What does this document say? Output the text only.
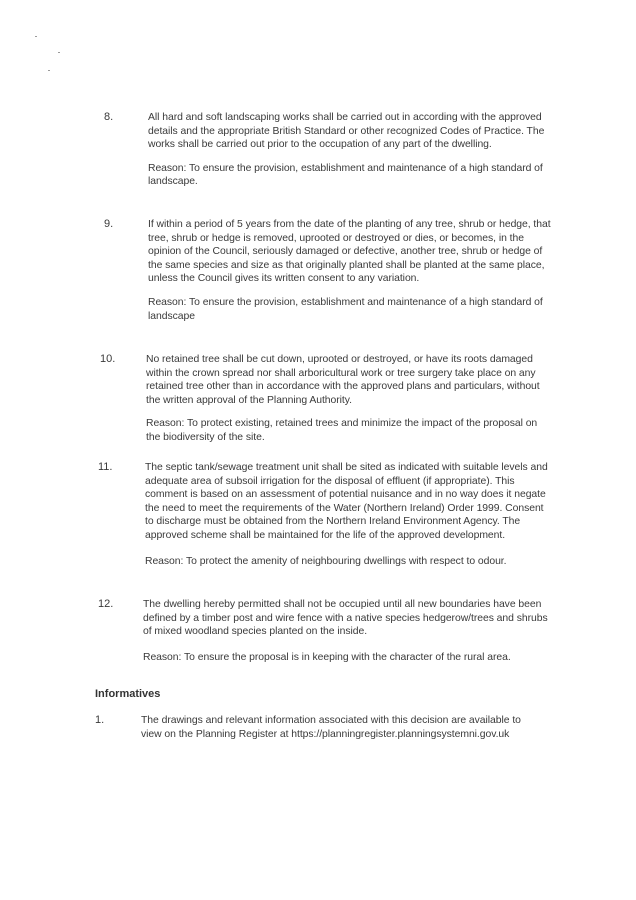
8.	All hard and soft landscaping works shall be carried out in according with the approved details and the appropriate British Standard or other recognized Codes of Practice. The works shall be carried out prior to the occupation of any part of the dwelling.

Reason: To ensure the provision, establishment and maintenance of a high standard of landscape.

9.	If within a period of 5 years from the date of the planting of any tree, shrub or hedge, that tree, shrub or hedge is removed, uprooted or destroyed or dies, or becomes, in the opinion of the Council, seriously damaged or defective, another tree, shrub or hedge of the same species and size as that originally planted shall be planted at the same place, unless the Council gives its written consent to any variation.

Reason: To ensure the provision, establishment and maintenance of a high standard of landscape

10.	No retained tree shall be cut down, uprooted or destroyed, or have its roots damaged within the crown spread nor shall arboricultural work or tree surgery take place on any retained tree other than in accordance with the approved plans and particulars, without the written approval of the Planning Authority.

Reason: To protect existing, retained trees and minimize the impact of the proposal on the biodiversity of the site.

11.	The septic tank/sewage treatment unit shall be sited as indicated with suitable levels and adequate area of subsoil irrigation for the disposal of effluent (if appropriate). This comment is based on an assessment of potential nuisance and in no way does it negate the need to meet the requirements of the Water (Northern Ireland) Order 1999. Consent to discharge must be obtained from the Northern Ireland Environment Agency. The approved scheme shall be maintained for the life of the approved development.

Reason: To protect the amenity of neighbouring dwellings with respect to odour.

12.	The dwelling hereby permitted shall not be occupied until all new boundaries have been defined by a timber post and wire fence with a native species hedgerow/trees and shrubs of mixed woodland species planted on the inside.

Reason: To ensure the proposal is in keeping with the character of the rural area.

Informatives
1.	The drawings and relevant information associated with this decision are available to view on the Planning Register at https://planningregister.planningsystemni.gov.uk
